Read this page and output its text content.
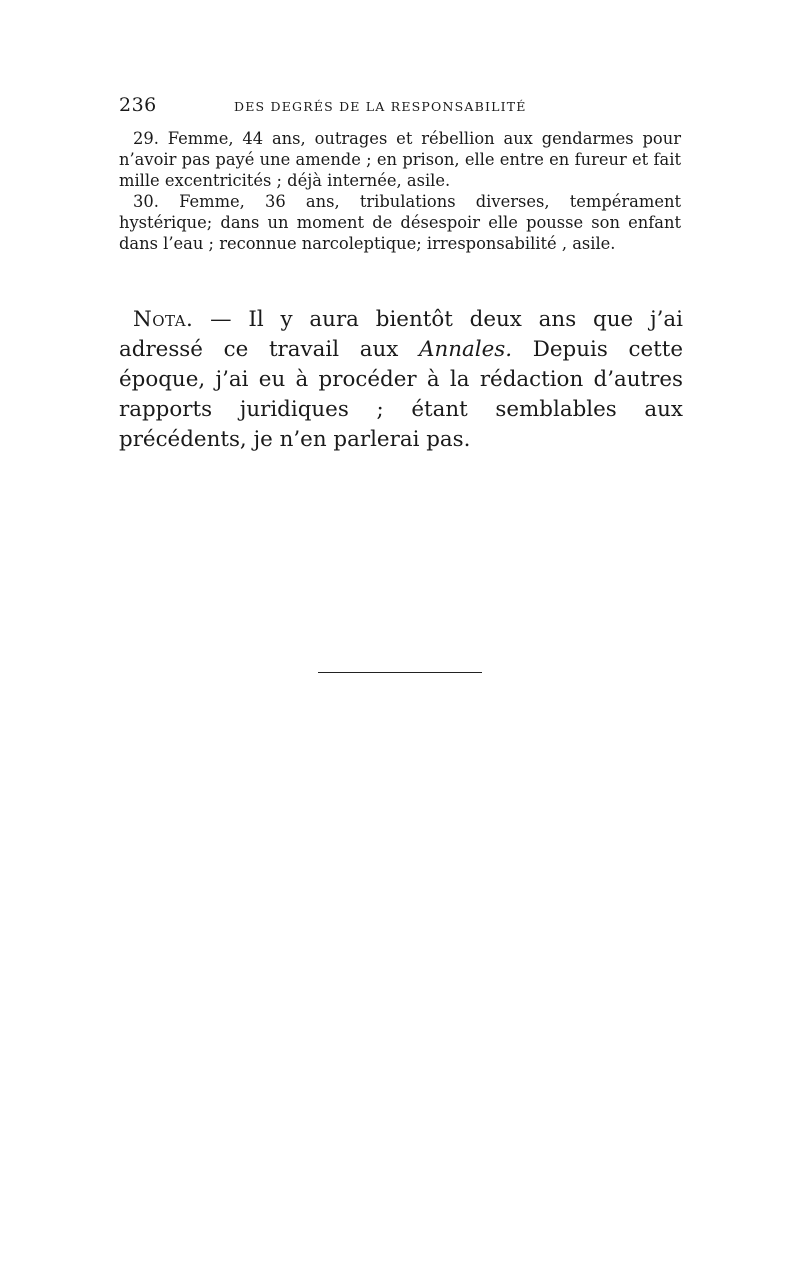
236	DES DEGRÉS DE LA RESPONSABILITÉ

29. Femme, 44 ans, outrages et rébellion aux gendarmes pour n’avoir pas payé une amende ; en prison, elle entre en fureur et fait mille excentricités ; déjà internée, asile.

30. Femme, 36 ans, tribulations diverses, tempérament hystérique; dans un moment de désespoir elle pousse son enfant dans l’eau ; reconnue narcoleptique; irresponsabilité , asile.

Nota. — Il y aura bientôt deux ans que j’ai adressé ce travail aux Annales. Depuis cette époque, j’ai eu à procéder à la rédaction d’autres rapports juridiques ; étant semblables aux précédents, je n’en parlerai pas.
